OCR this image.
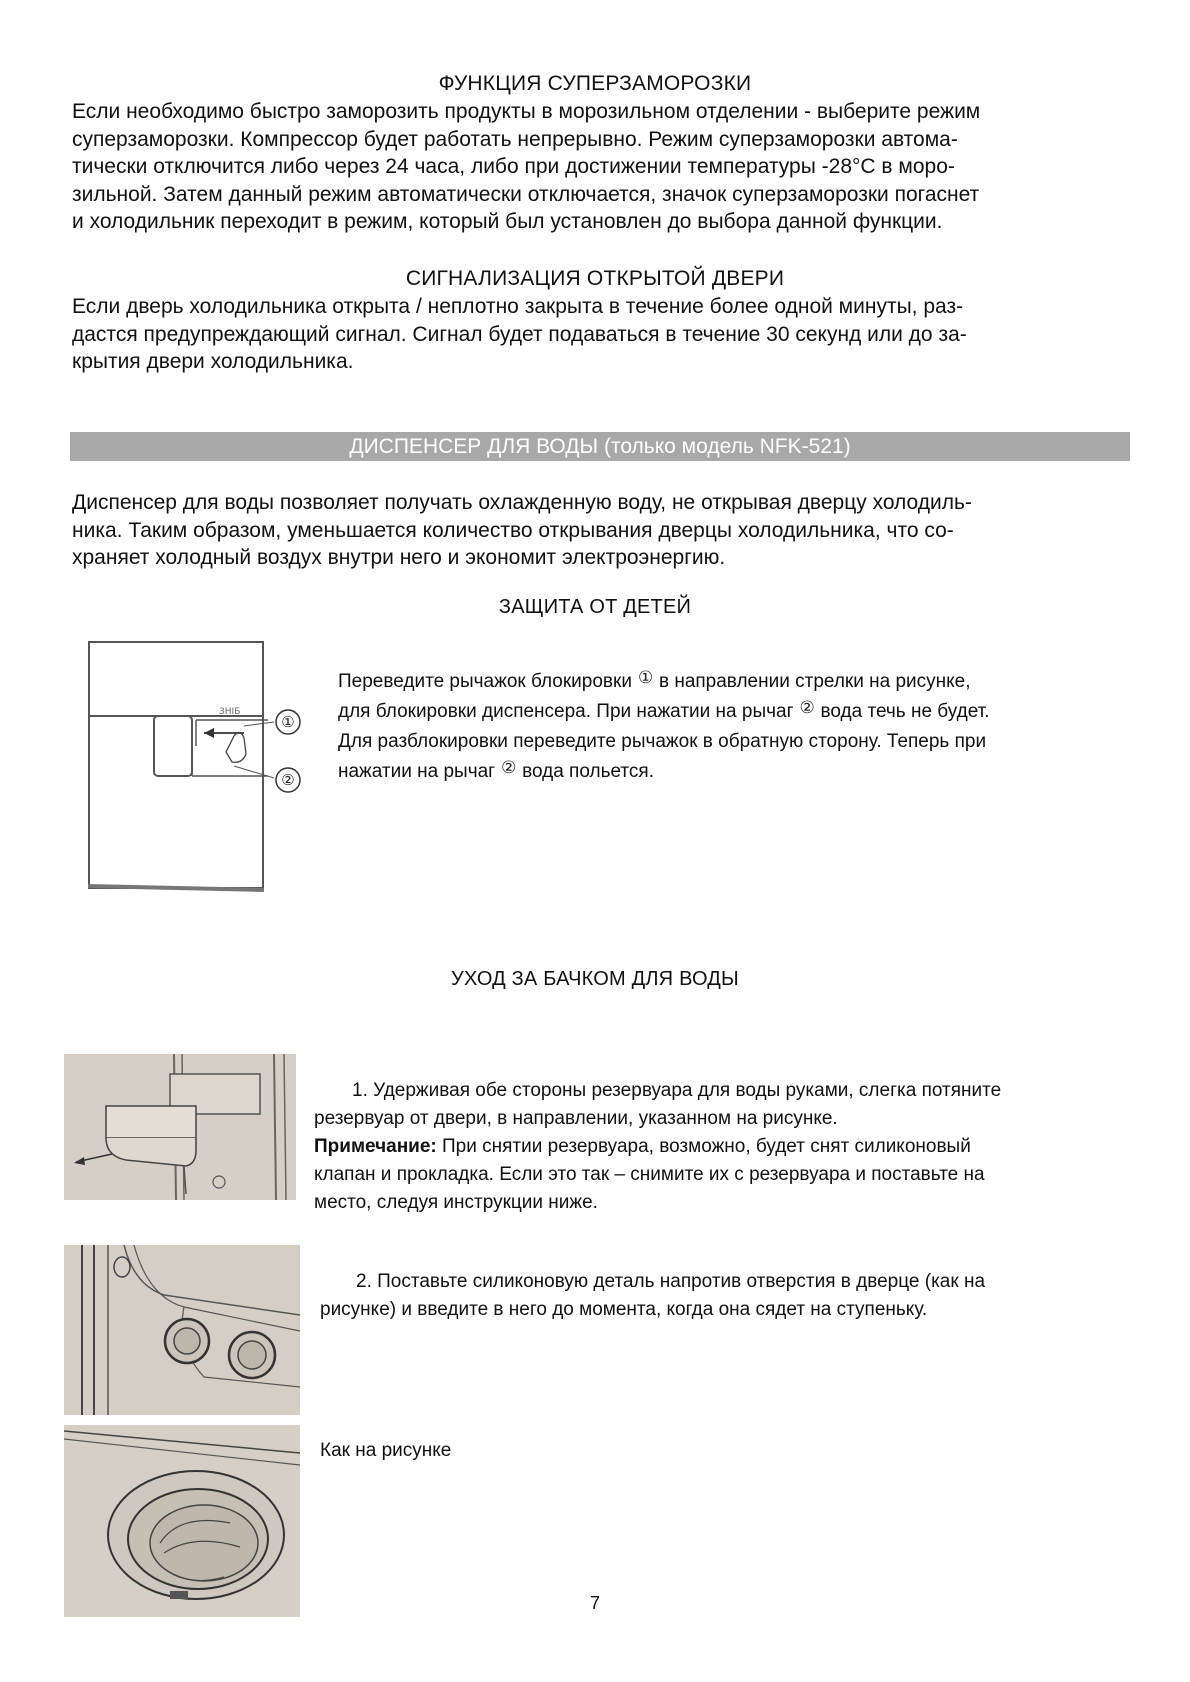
ФУНКЦИЯ СУПЕРЗАМОРОЗКИ
Если необходимо быстро заморозить продукты в морозильном отделении - выберите режим
суперзаморозки. Компрессор будет работать непрерывно. Режим суперзаморозки автома-
тически отключится либо через 24 часа, либо при достижении температуры -28°С в моро-
зильной. Затем данный режим автоматически отключается, значок суперзаморозки погаснет
и холодильник переходит в режим, который был установлен до выбора данной функции.
СИГНАЛИЗАЦИЯ ОТКРЫТОЙ ДВЕРИ
Если дверь холодильника открыта / неплотно закрыта в течение более одной минуты, раз-
дастся предупреждающий сигнал. Сигнал будет подаваться в течение 30 секунд или до за-
крытия двери холодильника.
ДИСПЕНСЕР ДЛЯ ВОДЫ (только модель NFK-521)
Диспенсер для воды позволяет получать охлажденную воду, не открывая дверцу холодиль-
ника. Таким образом, уменьшается количество открывания дверцы холодильника, что со-
храняет холодный воздух внутри него и экономит электроэнергию.
ЗАЩИТА ОТ ДЕТЕЙ
①
②
ЗНІБ
Переведите рычажок блокировки ① в направлении стрелки на рисунке,
для блокировки диспенсера. При нажатии на рычаг ② вода течь не будет.
Для разблокировки переведите рычажок в обратную сторону. Теперь при
нажатии на рычаг ② вода польется.
УХОД ЗА БАЧКОМ ДЛЯ ВОДЫ
1. Удерживая обе стороны резервуара для воды руками, слегка потяните
резервуар от двери, в направлении, указанном на рисунке.
Примечание: При снятии резервуара, возможно, будет снят силиконовый
клапан и прокладка. Если это так – снимите их с резервуара и поставьте на
место, следуя инструкции ниже.
2. Поставьте силиконовую деталь напротив отверстия в дверце (как на
рисунке) и введите в него до момента, когда она сядет на ступеньку.
Как на рисунке
7
